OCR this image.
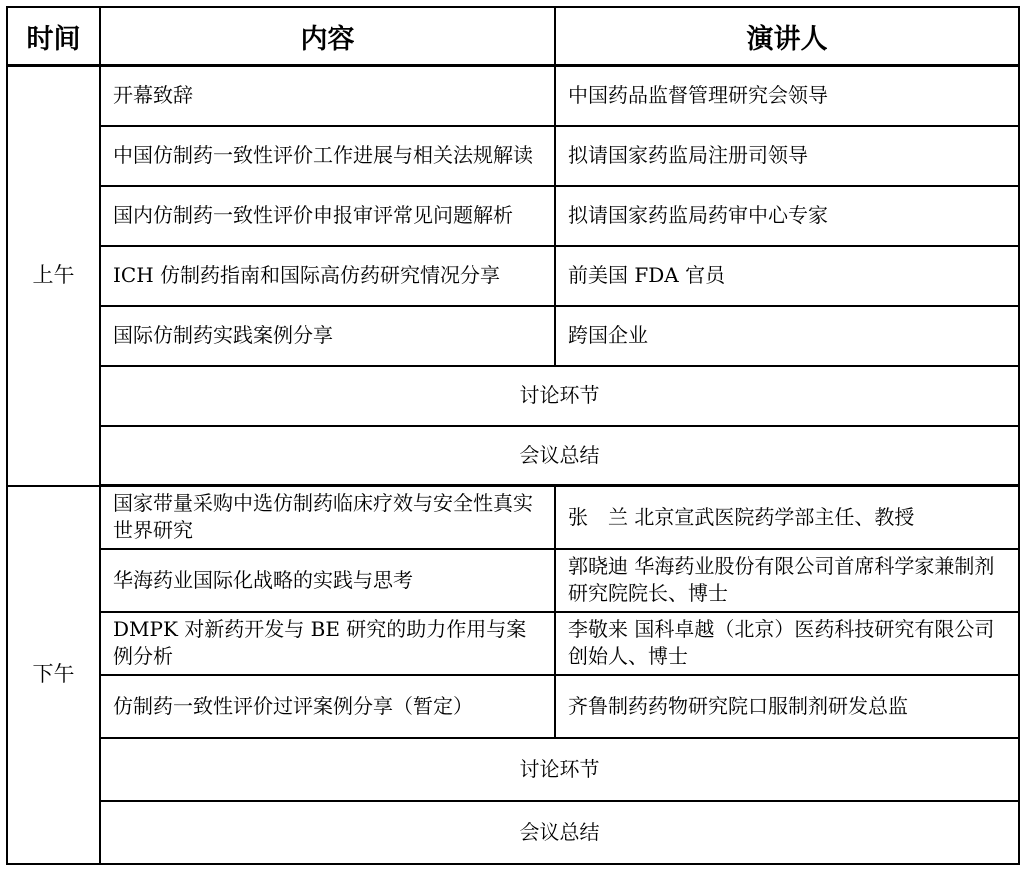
时间	内容	演讲人
上午	开幕致辞	中国药品监督管理研究会领导
	中国仿制药一致性评价工作进展与相关法规解读	拟请国家药监局注册司领导
	国内仿制药一致性评价申报审评常见问题解析	拟请国家药监局药审中心专家
	ICH 仿制药指南和国际高仿药研究情况分享	前美国 FDA 官员
	国际仿制药实践案例分享	跨国企业
	讨论环节	
	会议总结	
下午	国家带量采购中选仿制药临床疗效与安全性真实世界研究	张　兰 北京宣武医院药学部主任、教授
	华海药业国际化战略的实践与思考	郭晓迪 华海药业股份有限公司首席科学家兼制剂研究院院长、博士
	DMPK 对新药开发与 BE 研究的助力作用与案例分析	李敬来 国科卓越（北京）医药科技研究有限公司创始人、博士
	仿制药一致性评价过评案例分享（暂定）	齐鲁制药药物研究院口服制剂研发总监
	讨论环节	
	会议总结	
